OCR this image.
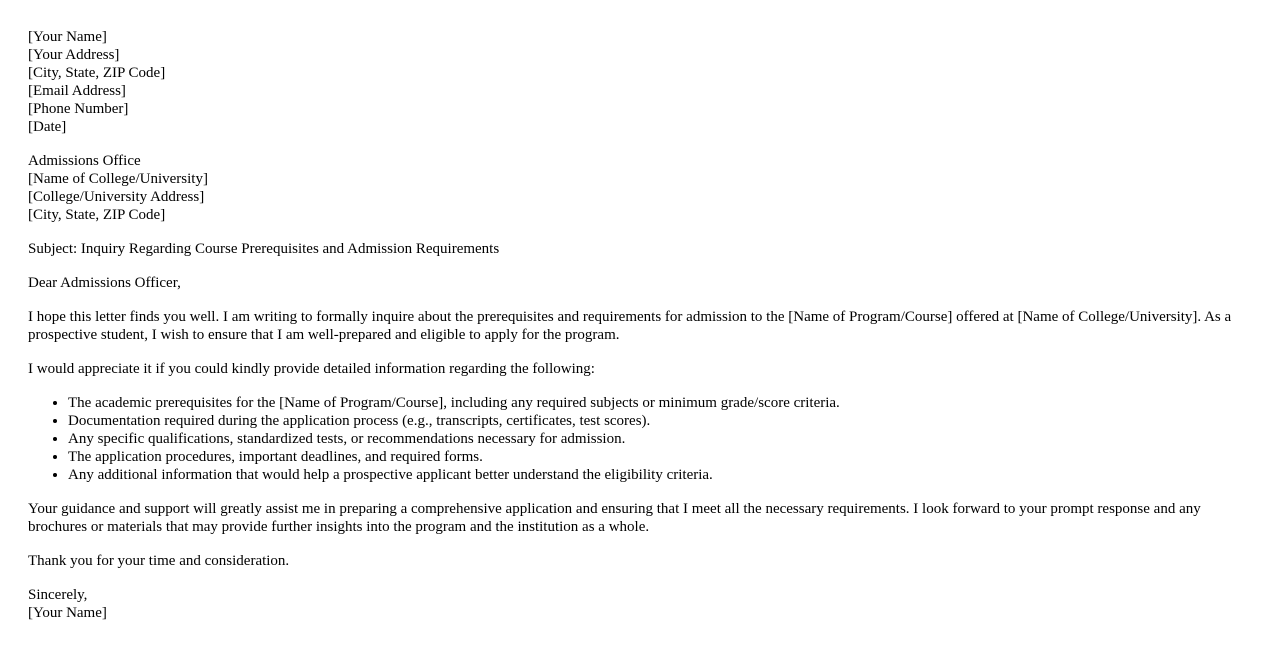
[Your Name]
[Your Address]
[City, State, ZIP Code]
[Email Address]
[Phone Number]
[Date]
Admissions Office
[Name of College/University]
[College/University Address]
[City, State, ZIP Code]

Subject: Inquiry Regarding Course Prerequisites and Admission Requirements

Dear Admissions Officer,

I hope this letter finds you well. I am writing to formally inquire about the prerequisites and requirements for admission to the [Name of Program/Course] offered at [Name of College/University]. As a prospective student, I wish to ensure that I am well-prepared and eligible to apply for the program.

I would appreciate it if you could kindly provide detailed information regarding the following:

• The academic prerequisites for the [Name of Program/Course], including any required subjects or minimum grade/score criteria.
• Documentation required during the application process (e.g., transcripts, certificates, test scores).
• Any specific qualifications, standardized tests, or recommendations necessary for admission.
• The application procedures, important deadlines, and required forms.
• Any additional information that would help a prospective applicant better understand the eligibility criteria.

Your guidance and support will greatly assist me in preparing a comprehensive application and ensuring that I meet all the necessary requirements. I look forward to your prompt response and any brochures or materials that may provide further insights into the program and the institution as a whole.

Thank you for your time and consideration.

Sincerely,
[Your Name]
